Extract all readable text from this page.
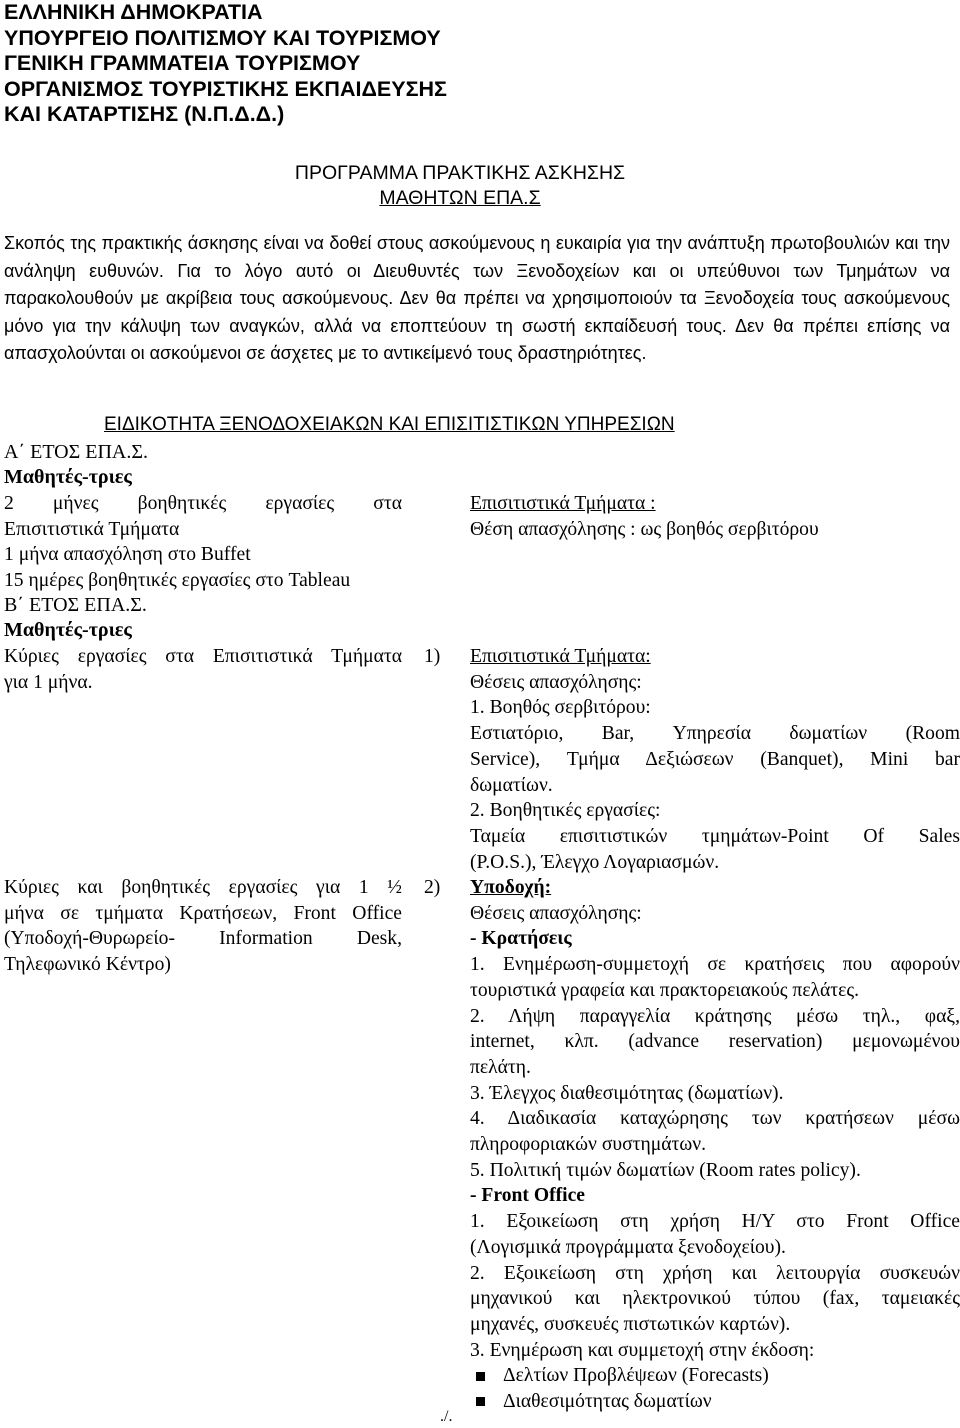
ΕΛΛΗΝΙΚΗ ΔΗΜΟΚΡΑΤΙΑ
ΥΠΟΥΡΓΕΙΟ ΠΟΛΙΤΙΣΜΟΥ ΚΑΙ ΤΟΥΡΙΣΜΟΥ
ΓΕΝΙΚΗ ΓΡΑΜΜΑΤΕΙΑ ΤΟΥΡΙΣΜΟΥ
ΟΡΓΑΝΙΣΜΟΣ ΤΟΥΡΙΣΤΙΚΗΣ ΕΚΠΑΙΔΕΥΣΗΣ
ΚΑΙ ΚΑΤΑΡΤΙΣΗΣ (Ν.Π.Δ.Δ.)
ΠΡΟΓΡΑΜΜΑ ΠΡΑΚΤΙΚΗΣ ΑΣΚΗΣΗΣ
ΜΑΘΗΤΩΝ ΕΠΑ.Σ
Σκοπός της πρακτικής άσκησης είναι να δοθεί στους ασκούμενους η ευκαιρία για την ανάπτυξη πρωτοβουλιών και την ανάληψη ευθυνών. Για το λόγο αυτό οι Διευθυντές των Ξενοδοχείων και οι υπεύθυνοι των Τμημάτων να παρακολουθούν με ακρίβεια τους ασκούμενους. Δεν θα πρέπει να χρησιμοποιούν τα Ξενοδοχεία τους ασκούμενους μόνο για την κάλυψη των αναγκών, αλλά να εποπτεύουν τη σωστή εκπαίδευσή τους. Δεν θα πρέπει επίσης να απασχολούνται οι ασκούμενοι σε άσχετες με το αντικείμενό τους δραστηριότητες.
ΕΙΔΙΚΟΤΗΤΑ ΞΕΝΟΔΟΧΕΙΑΚΩΝ ΚΑΙ ΕΠΙΣΙΤΙΣΤΙΚΩΝ ΥΠΗΡΕΣΙΩΝ
Α΄ ΕΤΟΣ ΕΠΑ.Σ.
Μαθητές-τριες
2 μήνες βοηθητικές εργασίες στα
Επισιτιστικά Τμήματα
1 μήνα απασχόληση στο Buffet
15 ημέρες βοηθητικές εργασίες στο Tableau
Επισιτιστικά Τμήματα :
Θέση απασχόλησης : ως βοηθός σερβιτόρου
Β΄ ΕΤΟΣ ΕΠΑ.Σ.
Μαθητές-τριες
Κύριες εργασίες στα Επισιτιστικά Τμήματα
για 1 μήνα.
1) Επισιτιστικά Τμήματα:
Θέσεις απασχόλησης:
1. Βοηθός σερβιτόρου:
Εστιατόριο, Bar, Υπηρεσία δωματίων (Room
Service), Τμήμα Δεξιώσεων (Banquet), Mini bar
δωματίων.
2. Βοηθητικές εργασίες:
Ταμεία επισιτιστικών τμημάτων-Point Of Sales
(P.O.S.), Έλεγχο Λογαριασμών.
Κύριες και βοηθητικές εργασίες για 1 ½
μήνα σε τμήματα Κρατήσεων, Front Office
(Υποδοχή-Θυρωρείο- Information Desk,
Τηλεφωνικό Κέντρο)
2) Υποδοχή:
Θέσεις απασχόλησης:
- Κρατήσεις
1. Ενημέρωση-συμμετοχή σε κρατήσεις που αφορούν
τουριστικά γραφεία και πρακτορειακούς πελάτες.
2. Λήψη παραγγελία κράτησης μέσω τηλ., φαξ,
internet, κλπ. (advance reservation) μεμονωμένου
πελάτη.
3. Έλεγχος διαθεσιμότητας (δωματίων).
4. Διαδικασία καταχώρησης των κρατήσεων μέσω
πληροφοριακών συστημάτων.
5. Πολιτική τιμών δωματίων (Room rates policy).
- Front Office
1. Εξοικείωση στη χρήση Η/Υ στο Front Office
(Λογισμικά προγράμματα ξενοδοχείου).
2. Εξοικείωση στη χρήση και λειτουργία συσκευών
μηχανικού και ηλεκτρονικού τύπου (fax, ταμειακές
μηχανές, συσκευές πιστωτικών καρτών).
3. Ενημέρωση και συμμετοχή στην έκδοση:
Δελτίων Προβλέψεων (Forecasts)
Διαθεσιμότητας δωματίων
./.
